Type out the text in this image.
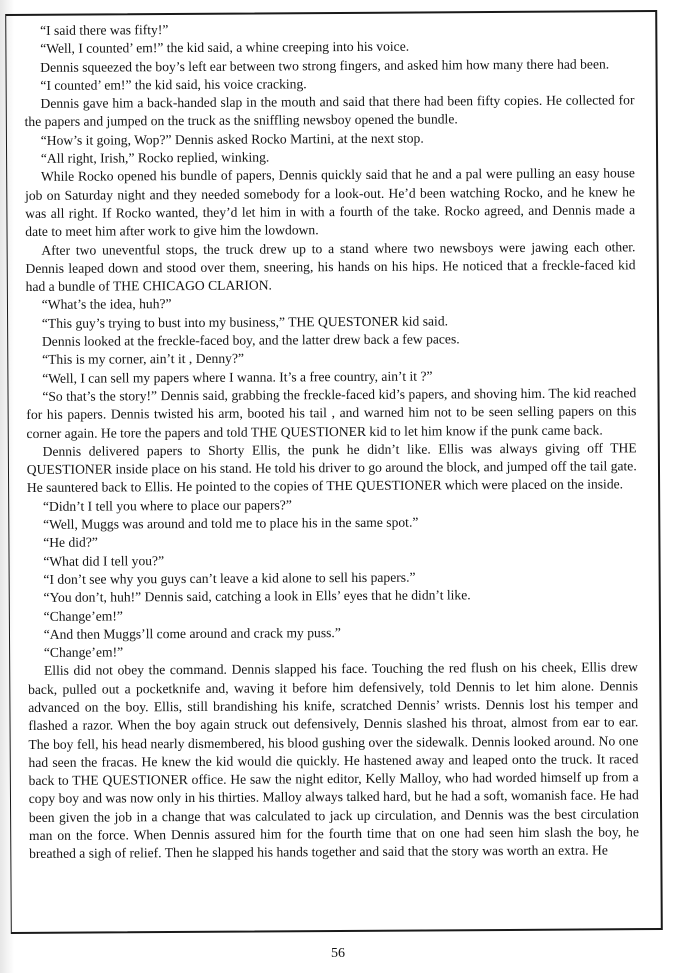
“I said there was fifty!”

“Well, I counted’ em!” the kid said, a whine creeping into his voice.

Dennis squeezed the boy’s left ear between two strong fingers, and asked him how many there had been.

“I counted’ em!” the kid said, his voice cracking.

Dennis gave him a back-handed slap in the mouth and said that there had been fifty copies. He collected for the papers and jumped on the truck as the sniffling newsboy opened the bundle.

“How’s it going, Wop?” Dennis asked Rocko Martini, at the next stop.

“All right, Irish,” Rocko replied, winking.

While Rocko opened his bundle of papers, Dennis quickly said that he and a pal were pulling an easy house job on Saturday night and they needed somebody for a look-out. He’d been watching Rocko, and he knew he was all right. If Rocko wanted, they’d let him in with a fourth of the take. Rocko agreed, and Dennis made a date to meet him after work to give him the lowdown.

After two uneventful stops, the truck drew up to a stand where two newsboys were jawing each other. Dennis leaped down and stood over them, sneering, his hands on his hips. He noticed that a freckle-faced kid had a bundle of THE CHICAGO CLARION.

“What’s the idea, huh?”

“This guy’s trying to bust into my business,” THE QUESTONER kid said.

Dennis looked at the freckle-faced boy, and the latter drew back a few paces.

“This is my corner, ain’t it , Denny?”

“Well, I can sell my papers where I wanna. It’s a free country, ain’t it ?”

“So that’s the story!” Dennis said, grabbing the freckle-faced kid’s papers, and shoving him. The kid reached for his papers. Dennis twisted his arm, booted his tail , and warned him not to be seen selling papers on this corner again. He tore the papers and told THE QUESTIONER kid to let him know if the punk came back.

Dennis delivered papers to Shorty Ellis, the punk he didn’t like. Ellis was always giving off THE QUESTIONER inside place on his stand. He told his driver to go around the block, and jumped off the tail gate. He sauntered back to Ellis. He pointed to the copies of THE QUESTIONER which were placed on the inside.

“Didn’t I tell you where to place our papers?”

“Well, Muggs was around and told me to place his in the same spot.”

“He did?”

“What did I tell you?”

“I don’t see why you guys can’t leave a kid alone to sell his papers.”

“You don’t, huh!” Dennis said, catching a look in Ells’ eyes that he didn’t like.

“Change’em!”

“And then Muggs’ll come around and crack my puss.”

“Change’em!”

Ellis did not obey the command. Dennis slapped his face. Touching the red flush on his cheek, Ellis drew back, pulled out a pocketknife and, waving it before him defensively, told Dennis to let him alone. Dennis advanced on the boy. Ellis, still brandishing his knife, scratched Dennis’ wrists. Dennis lost his temper and flashed a razor. When the boy again struck out defensively, Dennis slashed his throat, almost from ear to ear. The boy fell, his head nearly dismembered, his blood gushing over the sidewalk. Dennis looked around. No one had seen the fracas. He knew the kid would die quickly. He hastened away and leaped onto the truck. It raced back to THE QUESTIONER office. He saw the night editor, Kelly Malloy, who had worded himself up from a copy boy and was now only in his thirties. Malloy always talked hard, but he had a soft, womanish face. He had been given the job in a change that was calculated to jack up circulation, and Dennis was the best circulation man on the force. When Dennis assured him for the fourth time that on one had seen him slash the boy, he breathed a sigh of relief. Then he slapped his hands together and said that the story was worth an extra. He

56
